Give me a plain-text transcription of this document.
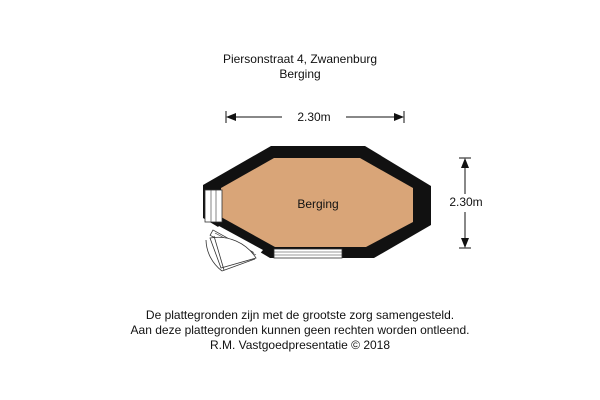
Piersonstraat 4, Zwanenburg
Berging
2.30m
2.30m
Berging
De plattegronden zijn met de grootste zorg samengesteld.
Aan deze plattegronden kunnen geen rechten worden ontleend.
R.M. Vastgoedpresentatie © 2018
